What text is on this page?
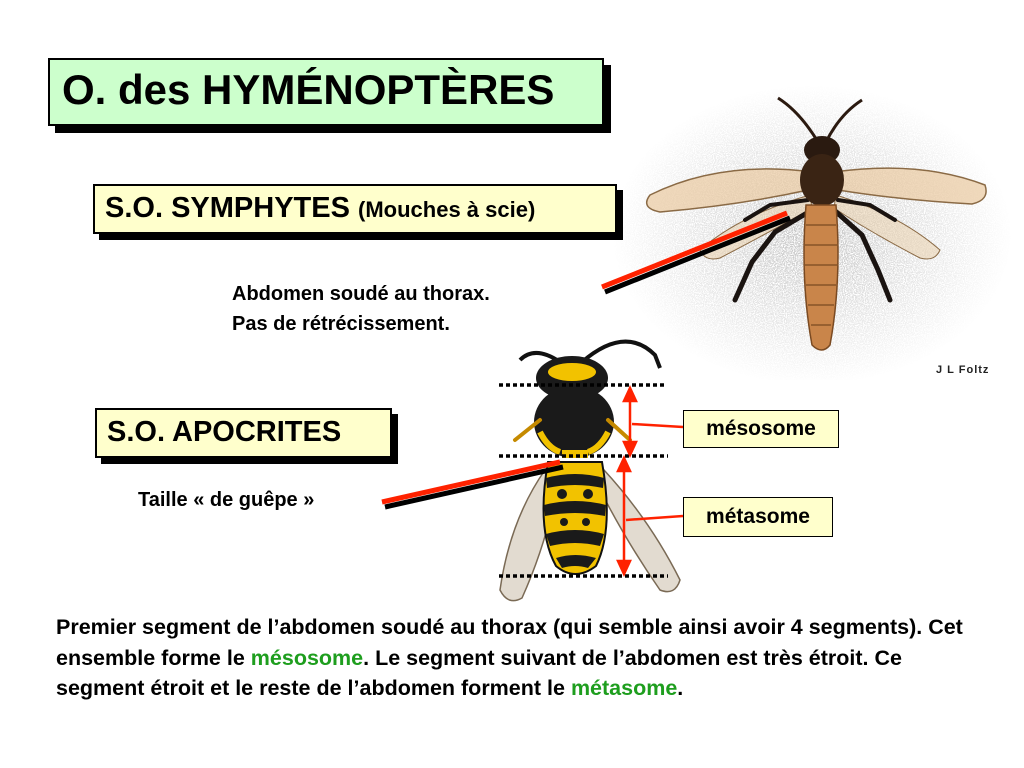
J L Foltz
O. des HYMÉNOPTÈRES
S.O. SYMPHYTES (Mouches à scie)
Abdomen soudé au thorax.
Pas de rétrécissement.
S.O. APOCRITES
Taille « de guêpe »
mésosome
métasome
Premier segment de l’abdomen soudé au thorax (qui semble ainsi avoir 4 segments). Cet ensemble forme le mésosome. Le segment suivant de l’abdomen est très étroit. Ce segment étroit et le reste de l’abdomen forment le métasome.
